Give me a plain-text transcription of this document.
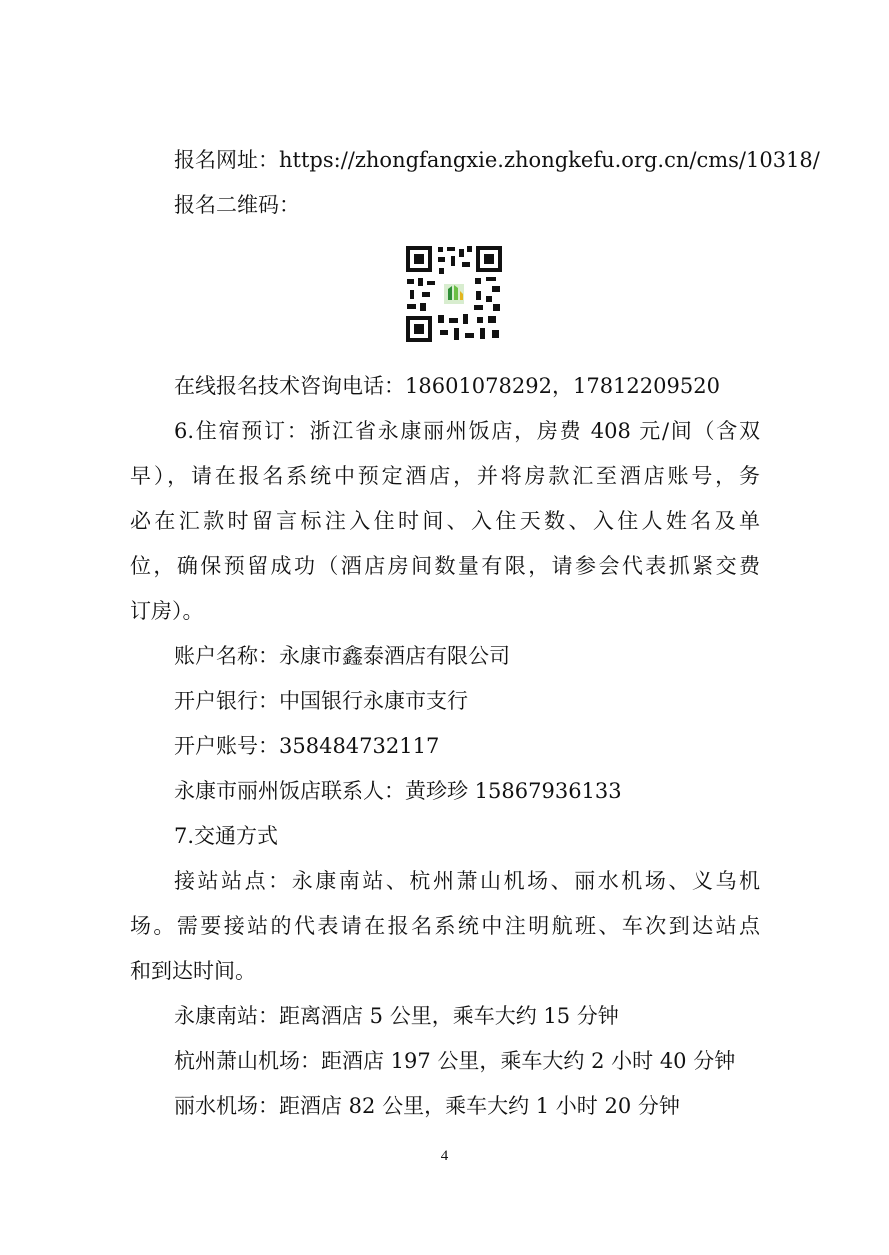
报名网址：https://zhongfangxie.zhongkefu.org.cn/cms/10318/
报名二维码：
在线报名技术咨询电话：18601078292，17812209520
6.住宿预订：浙江省永康丽州饭店，房费 408 元/间（含双
早），请在报名系统中预定酒店，并将房款汇至酒店账号，务
必在汇款时留言标注入住时间、入住天数、入住人姓名及单
位，确保预留成功（酒店房间数量有限，请参会代表抓紧交费
订房）。
账户名称：永康市鑫泰酒店有限公司
开户银行：中国银行永康市支行
开户账号：358484732117
永康市丽州饭店联系人：黄珍珍 15867936133
7.交通方式
接站站点：永康南站、杭州萧山机场、丽水机场、义乌机
场。需要接站的代表请在报名系统中注明航班、车次到达站点
和到达时间。
永康南站：距离酒店 5 公里，乘车大约 15 分钟
杭州萧山机场：距酒店 197 公里，乘车大约 2 小时 40 分钟
丽水机场：距酒店 82 公里，乘车大约 1 小时 20 分钟
4
